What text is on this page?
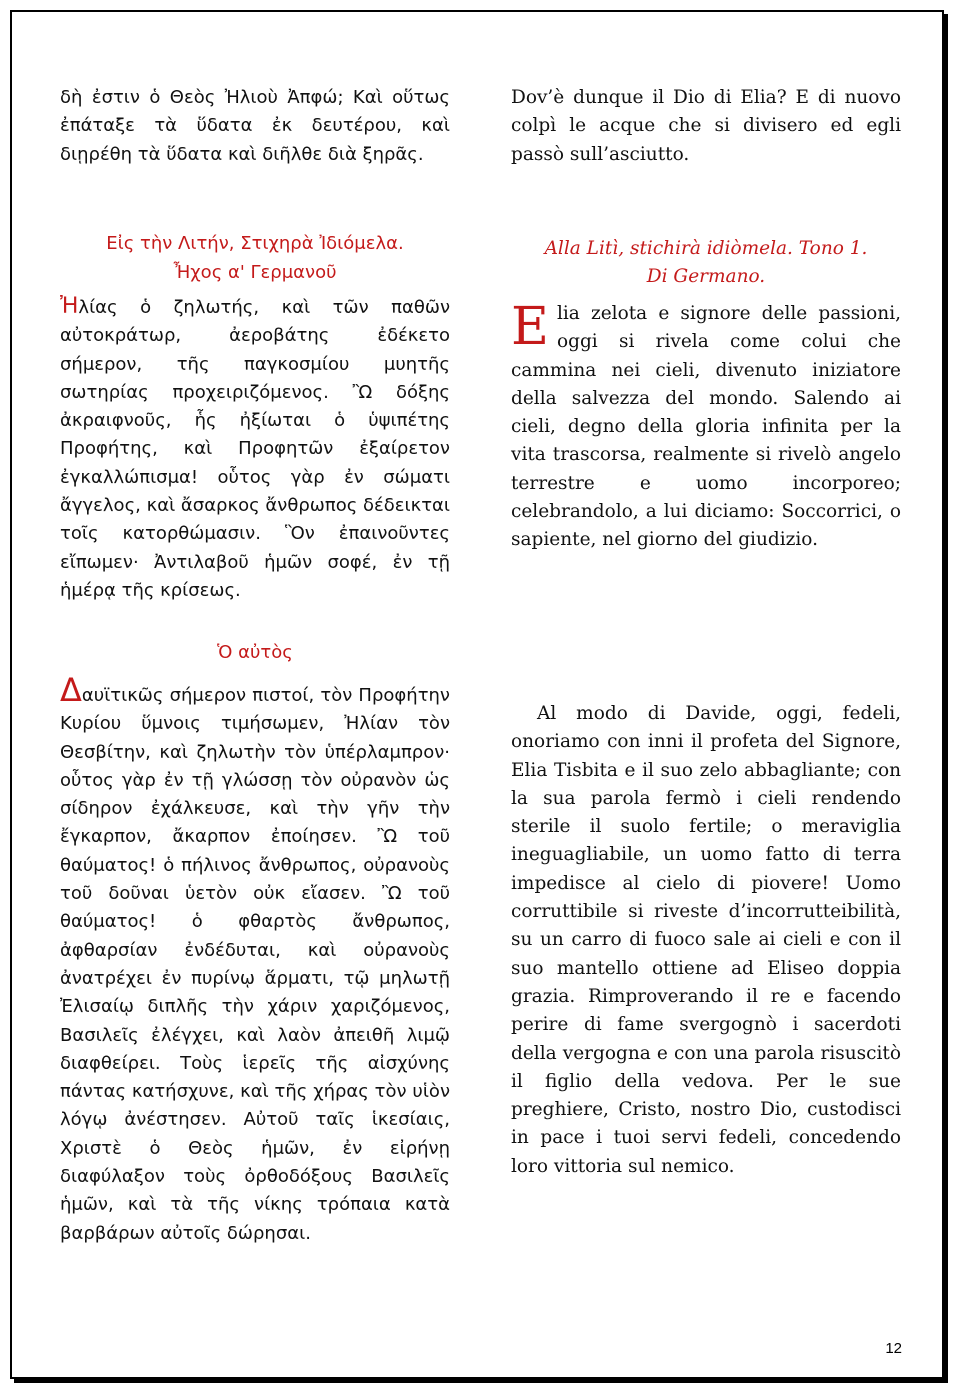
δὴ ἐστιν ὁ Θεὸς Ἠλιοὺ Ἀπφώ; Καὶ οὕτως ἐπάταξε τὰ ὕδατα ἐκ δευτέρου, καὶ διῃρέθη τὰ ὕδατα καὶ διῆλθε διὰ ξηρᾶς.

Εἰς τὴν Λιτήν, Στιχηρὰ Ἰδιόμελα.
Ἦχος α' Γερμανοῦ

Ἠλίας ὁ ζηλωτής, καὶ τῶν παθῶν αὐτοκράτωρ, ἀεροβάτης ἐδέκετο σήμερον, τῆς παγκοσμίου μυητῆς σωτηρίας προχειριζόμενος. Ὢ δόξης ἀκραιφνοῦς, ἧς ἠξίωται ὁ ὑψιπέτης Προφήτης, καὶ Προφητῶν ἐξαίρετον ἐγκαλλώπισμα! οὗτος γὰρ ἐν σώματι ἄγγελος, καὶ ἄσαρκος ἄνθρωπος δέδεικται τοῖς κατορθώμασιν. Ὃν ἐπαινοῦντες εἴπωμεν· Ἀντιλαβοῦ ἡμῶν σοφέ, ἐν τῇ ἡμέρᾳ τῆς κρίσεως.

Ὁ αὐτὸς

Δαυϊτικῶς σήμερον πιστοί, τὸν Προφήτην Κυρίου ὕμνοις τιμήσωμεν, Ἠλίαν τὸν Θεσβίτην, καὶ ζηλωτὴν τὸν ὑπέρλαμπρον· οὗτος γὰρ ἐν τῇ γλώσσῃ τὸν οὐρανὸν ὡς σίδηρον ἐχάλκευσε, καὶ τὴν γῆν τὴν ἔγκαρπον, ἄκαρπον ἐποίησεν. Ὢ τοῦ θαύματος! ὁ πήλινος ἄνθρωπος, οὐρανοὺς τοῦ δοῦναι ὑετὸν οὐκ εἴασεν. Ὢ τοῦ θαύματος! ὁ φθαρτὸς ἄνθρωπος, ἀφθαρσίαν ἐνδέδυται, καὶ οὐρανοὺς ἀνατρέχει ἐν πυρίνῳ ἅρματι, τῷ μηλωτῇ Ἐλισαίῳ διπλῆς τὴν χάριν χαριζόμενος, Βασιλεῖς ἐλέγχει, καὶ λαὸν ἀπειθῆ λιμῷ διαφθείρει. Τοὺς ἱερεῖς τῆς αἰσχύνης πάντας κατήσχυνε, καὶ τῆς χήρας τὸν υἱὸν λόγῳ ἀνέστησεν. Αὐτοῦ ταῖς ἱκεσίαις, Χριστὲ ὁ Θεὸς ἡμῶν, ἐν εἰρήνῃ διαφύλαξον τοὺς ὀρθοδόξους Βασιλεῖς ἡμῶν, καὶ τὰ τῆς νίκης τρόπαια κατὰ βαρβάρων αὐτοῖς δώρησαι.

Dov’è dunque il Dio di Elia? E di nuovo colpì le acque che si divisero ed egli passò sull’asciutto.

Alla Litì, stichirà idiòmela. Tono 1.
Di Germano.

Elia zelota e signore delle passioni, oggi si rivela come colui che cammina nei cieli, divenuto iniziatore della salvezza del mondo. Salendo ai cieli, degno della gloria infinita per la vita trascorsa, realmente si rivelò angelo terrestre e uomo incorporeo; celebrandolo, a lui diciamo: Soccorrici, o sapiente, nel giorno del giudizio.

Al modo di Davide, oggi, fedeli, onoriamo con inni il profeta del Signore, Elia Tisbita e il suo zelo abbagliante; con la sua parola fermò i cieli rendendo sterile il suolo fertile; o meraviglia ineguagliabile, un uomo fatto di terra impedisce al cielo di piovere! Uomo corruttibile si riveste d’incorrutteibilità, su un carro di fuoco sale ai cieli e con il suo mantello ottiene ad Eliseo doppia grazia. Rimproverando il re e facendo perire di fame svergognò i sacerdoti della vergogna e con una parola risuscitò il figlio della vedova. Per le sue preghiere, Cristo, nostro Dio, custodisci in pace i tuoi servi fedeli, concedendo loro vittoria sul nemico.

12
